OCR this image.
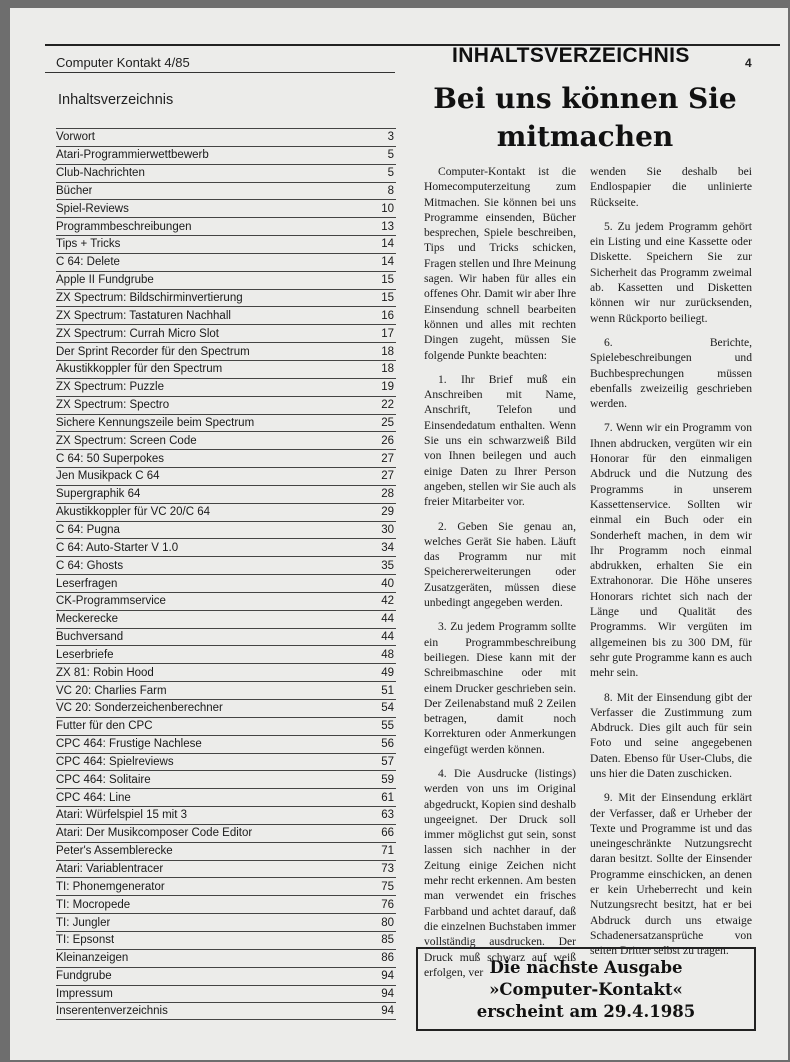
Computer Kontakt 4/85	INHALTSVERZEICHNIS	4
Inhaltsverzeichnis
Vorwort	3
Atari-Programmierwettbewerb	5
Club-Nachrichten	5
Bücher	8
Spiel-Reviews	10
Programmbeschreibungen	13
Tips + Tricks	14
C 64: Delete	14
Apple II Fundgrube	15
ZX Spectrum: Bildschirminvertierung	15
ZX Spectrum: Tastaturen Nachhall	16
ZX Spectrum: Currah Micro Slot	17
Der Sprint Recorder für den Spectrum	18
Akustikkoppler für den Spectrum	18
ZX Spectrum: Puzzle	19
ZX Spectrum: Spectro	22
Sichere Kennungszeile beim Spectrum	25
ZX Spectrum: Screen Code	26
C 64: 50 Superpokes	27
Jen Musikpack C 64	27
Supergraphik 64	28
Akustikkoppler für VC 20/C 64	29
C 64: Pugna	30
C 64: Auto-Starter V 1.0	34
C 64: Ghosts	35
Leserfragen	40
CK-Programmservice	42
Meckerecke	44
Buchversand	44
Leserbriefe	48
ZX 81: Robin Hood	49
VC 20: Charlies Farm	51
VC 20: Sonderzeichenberechner	54
Futter für den CPC	55
CPC 464: Frustige Nachlese	56
CPC 464: Spielreviews	57
CPC 464: Solitaire	59
CPC 464: Line	61
Atari: Würfelspiel 15 mit 3	63
Atari: Der Musikcomposer Code Editor	66
Peter's Assemblerecke	71
Atari: Variablentracer	73
TI: Phonemgenerator	75
TI: Mocropede	76
TI: Jungler	80
TI: Epsonst	85
Kleinanzeigen	86
Fundgrube	94
Impressum	94
Inserentenverzeichnis	94
Bei uns können Sie
mitmachen

Computer-Kontakt ist die Homecomputerzeitung zum Mitmachen. Sie können bei uns Programme einsenden, Bücher besprechen, Spiele beschreiben, Tips und Tricks schicken, Fragen stellen und Ihre Meinung sagen. Wir haben für alles ein offenes Ohr. Damit wir aber Ihre Einsendung schnell bearbeiten können und alles mit rechten Dingen zugeht, müssen Sie folgende Punkte beachten:

1. Ihr Brief muß ein Anschreiben mit Name, Anschrift, Telefon und Einsendedatum enthalten. Wenn Sie uns ein schwarzweiß Bild von Ihnen beilegen und auch einige Daten zu Ihrer Person angeben, stellen wir Sie auch als freier Mitarbeiter vor.

2. Geben Sie genau an, welches Gerät Sie haben. Läuft das Programm nur mit Speichererweiterungen oder Zusatzgeräten, müssen diese unbedingt angegeben werden.

3. Zu jedem Programm sollte ein Programmbeschreibung beiliegen. Diese kann mit der Schreibmaschine oder mit einem Drucker geschrieben sein. Der Zeilenabstand muß 2 Zeilen betragen, damit noch Korrekturen oder Anmerkungen eingefügt werden können.

4. Die Ausdrucke (listings) werden von uns im Original abgedruckt, Kopien sind deshalb ungeeignet. Der Druck soll immer möglichst gut sein, sonst lassen sich nachher in der Zeitung einige Zeichen nicht mehr recht erkennen. Am besten man verwendet ein frisches Farbband und achtet darauf, daß die einzelnen Buchstaben immer vollständig ausdrucken. Der Druck muß schwarz auf weiß erfolgen, ver

wenden Sie deshalb bei Endlospapier die unlinierte Rückseite.

5. Zu jedem Programm gehört ein Listing und eine Kassette oder Diskette. Speichern Sie zur Sicherheit das Programm zweimal ab. Kassetten und Disketten können wir nur zurücksenden, wenn Rückporto beiliegt.

6. Berichte, Spielebeschreibungen und Buchbesprechungen müssen ebenfalls zweizeilig geschrieben werden.

7. Wenn wir ein Programm von Ihnen abdrucken, vergüten wir ein Honorar für den einmaligen Abdruck und die Nutzung des Programms in unserem Kassettenservice. Sollten wir einmal ein Buch oder ein Sonderheft machen, in dem wir Ihr Programm noch einmal abdrukken, erhalten Sie ein Extrahonorar. Die Höhe unseres Honorars richtet sich nach der Länge und Qualität des Programms. Wir vergüten im allgemeinen bis zu 300 DM, für sehr gute Programme kann es auch mehr sein.

8. Mit der Einsendung gibt der Verfasser die Zustimmung zum Abdruck. Dies gilt auch für sein Foto und seine angegebenen Daten. Ebenso für User-Clubs, die uns hier die Daten zuschicken.

9. Mit der Einsendung erklärt der Verfasser, daß er Urheber der Texte und Programme ist und das uneingeschränkte Nutzungsrecht daran besitzt. Sollte der Einsender Programme einschicken, an denen er kein Urheberrecht und kein Nutzungsrecht besitzt, hat er bei Abdruck durch uns etwaige Schadenersatzansprüche von seiten Dritter selbst zu tragen.

Die nächste Ausgabe
»Computer-Kontakt«
erscheint am 29.4.1985
